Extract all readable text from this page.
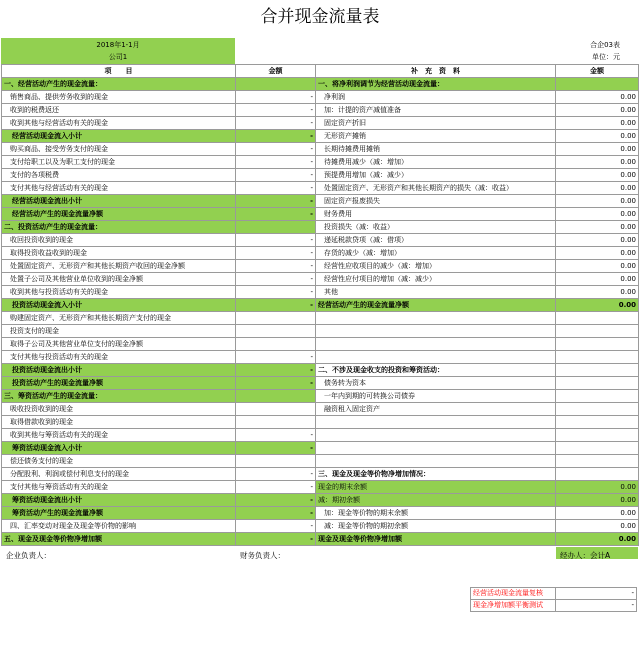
合并现金流量表
2018年1-1月
公司1
合企03表
单位：元
项　　目	金额	补　充　资　料	金额
一、经营活动产生的现金流量：		一、将净利润调节为经营活动现金流量：	
销售商品、提供劳务收到的现金	-	净利润	0.00
收到的税费返还	-	加：计提的资产减值准备	0.00
收到其他与经营活动有关的现金	-	固定资产折旧	0.00
经营活动现金流入小计	-	无形资产摊销	0.00
购买商品、接受劳务支付的现金	-	长期待摊费用摊销	0.00
支付给职工以及为职工支付的现金	-	待摊费用减少（减：增加）	0.00
支付的各项税费	-	预提费用增加（减：减少）	0.00
支付其他与经营活动有关的现金	-	处置固定资产、无形资产和其他长期资产的损失（减：收益）	0.00
经营活动现金流出小计	-	固定资产报废损失	0.00
经营活动产生的现金流量净额	-	财务费用	0.00
二、投资活动产生的现金流量：		投资损失（减：收益）	0.00
收回投资收到的现金	-	递延税款贷项（减：借项）	0.00
取得投资收益收到的现金	-	存货的减少（减：增加）	0.00
处置固定资产、无形资产和其他长期资产收回的现金净额	-	经营性应收项目的减少（减：增加）	0.00
处置子公司及其他营业单位收到的现金净额	-	经营性应付项目的增加（减：减少）	0.00
收到其他与投资活动有关的现金	-	其他	0.00
投资活动现金流入小计	-	经营活动产生的现金流量净额	0.00
购建固定资产、无形资产和其他长期资产支付的现金			
投资支付的现金			
取得子公司及其他营业单位支付的现金净额			
支付其他与投资活动有关的现金	-		
投资活动现金流出小计	-	二、不涉及现金收支的投资和筹资活动：	
投资活动产生的现金流量净额	-	债务转为资本	
三、筹资活动产生的现金流量：		一年内到期的可转换公司债券	
吸收投资收到的现金		融资租入固定资产	
取得借款收到的现金			
收到其他与筹资活动有关的现金	-		
筹资活动现金流入小计	-		
偿还债务支付的现金			
分配股利、利润或偿付利息支付的现金	-	三、现金及现金等价物净增加情况：	
支付其他与筹资活动有关的现金	-	现金的期末余额	0.00
筹资活动现金流出小计	-	减：期初余额	0.00
筹资活动产生的现金流量净额	-	加：现金等价物的期末余额	0.00
四、汇率变动对现金及现金等价物的影响	-	减：现金等价物的期初余额	0.00
五、现金及现金等价物净增加额	-	现金及现金等价物净增加额	0.00
企业负责人：	财务负责人：	经办人：会计A
经营活动现金流量复核	-
现金净增加额平衡测试	-
